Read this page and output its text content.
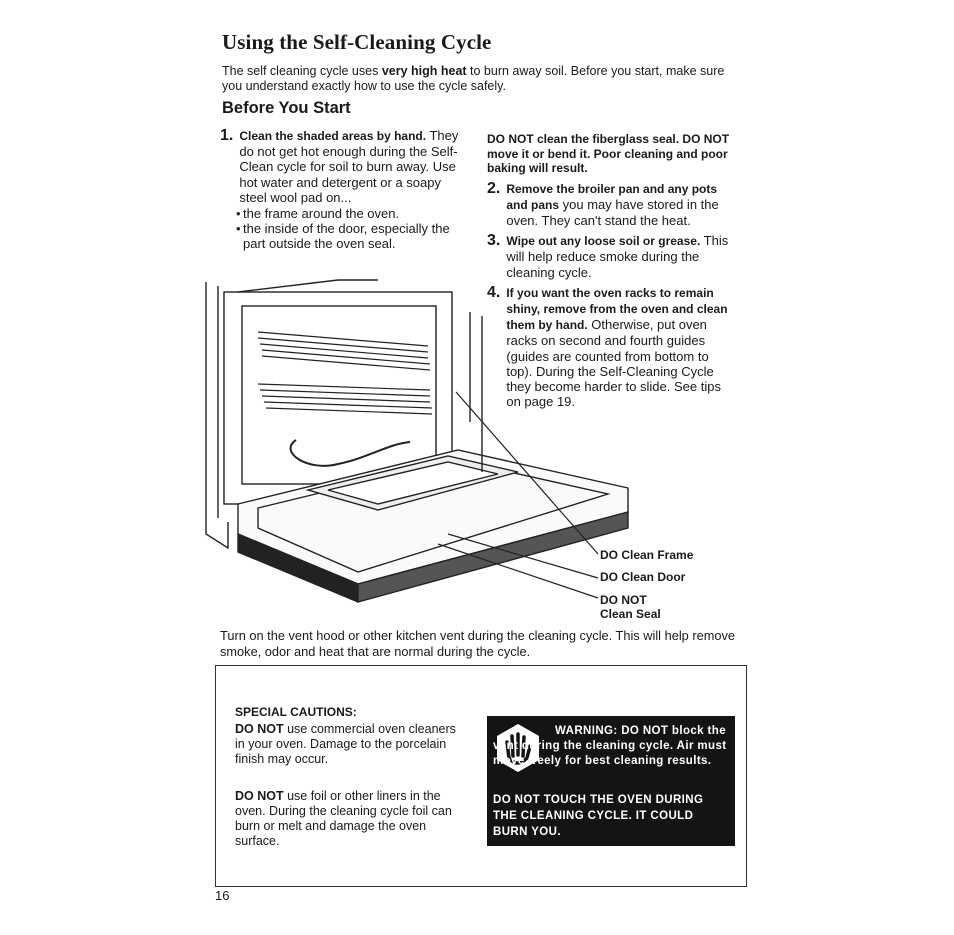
Using the Self-Cleaning Cycle
The self cleaning cycle uses very high heat to burn away soil. Before you start, make sure you understand exactly how to use the cycle safely.
Before You Start
1. Clean the shaded areas by hand. They do not get hot enough during the Self-Clean cycle for soil to burn away. Use hot water and detergent or a soapy steel wool pad on...
• the frame around the oven.
• the inside of the door, especially the part outside the oven seal.

DO NOT clean the fiberglass seal. DO NOT move it or bend it. Poor cleaning and poor baking will result.

2. Remove the broiler pan and any pots and pans you may have stored in the oven. They can't stand the heat.
3. Wipe out any loose soil or grease. This will help reduce smoke during the cleaning cycle.
4. If you want the oven racks to remain shiny, remove from the oven and clean them by hand. Otherwise, put oven racks on second and fourth guides (guides are counted from bottom to top). During the Self-Cleaning Cycle they become harder to slide. See tips on page 19.
DO Clean Frame
DO Clean Door
DO NOT
Clean Seal
Turn on the vent hood or other kitchen vent during the cleaning cycle. This will help remove smoke, odor and heat that are normal during the cycle.
SPECIAL CAUTIONS:
DO NOT use commercial oven cleaners in your oven. Damage to the porcelain finish may occur.
DO NOT use foil or other liners in the oven. During the cleaning cycle foil can burn or melt and damage the oven surface.
WARNING: DO NOT block the vent during the cleaning cycle. Air must move freely for best cleaning results.
DO NOT TOUCH THE OVEN DURING THE CLEANING CYCLE. IT COULD BURN YOU.
16
